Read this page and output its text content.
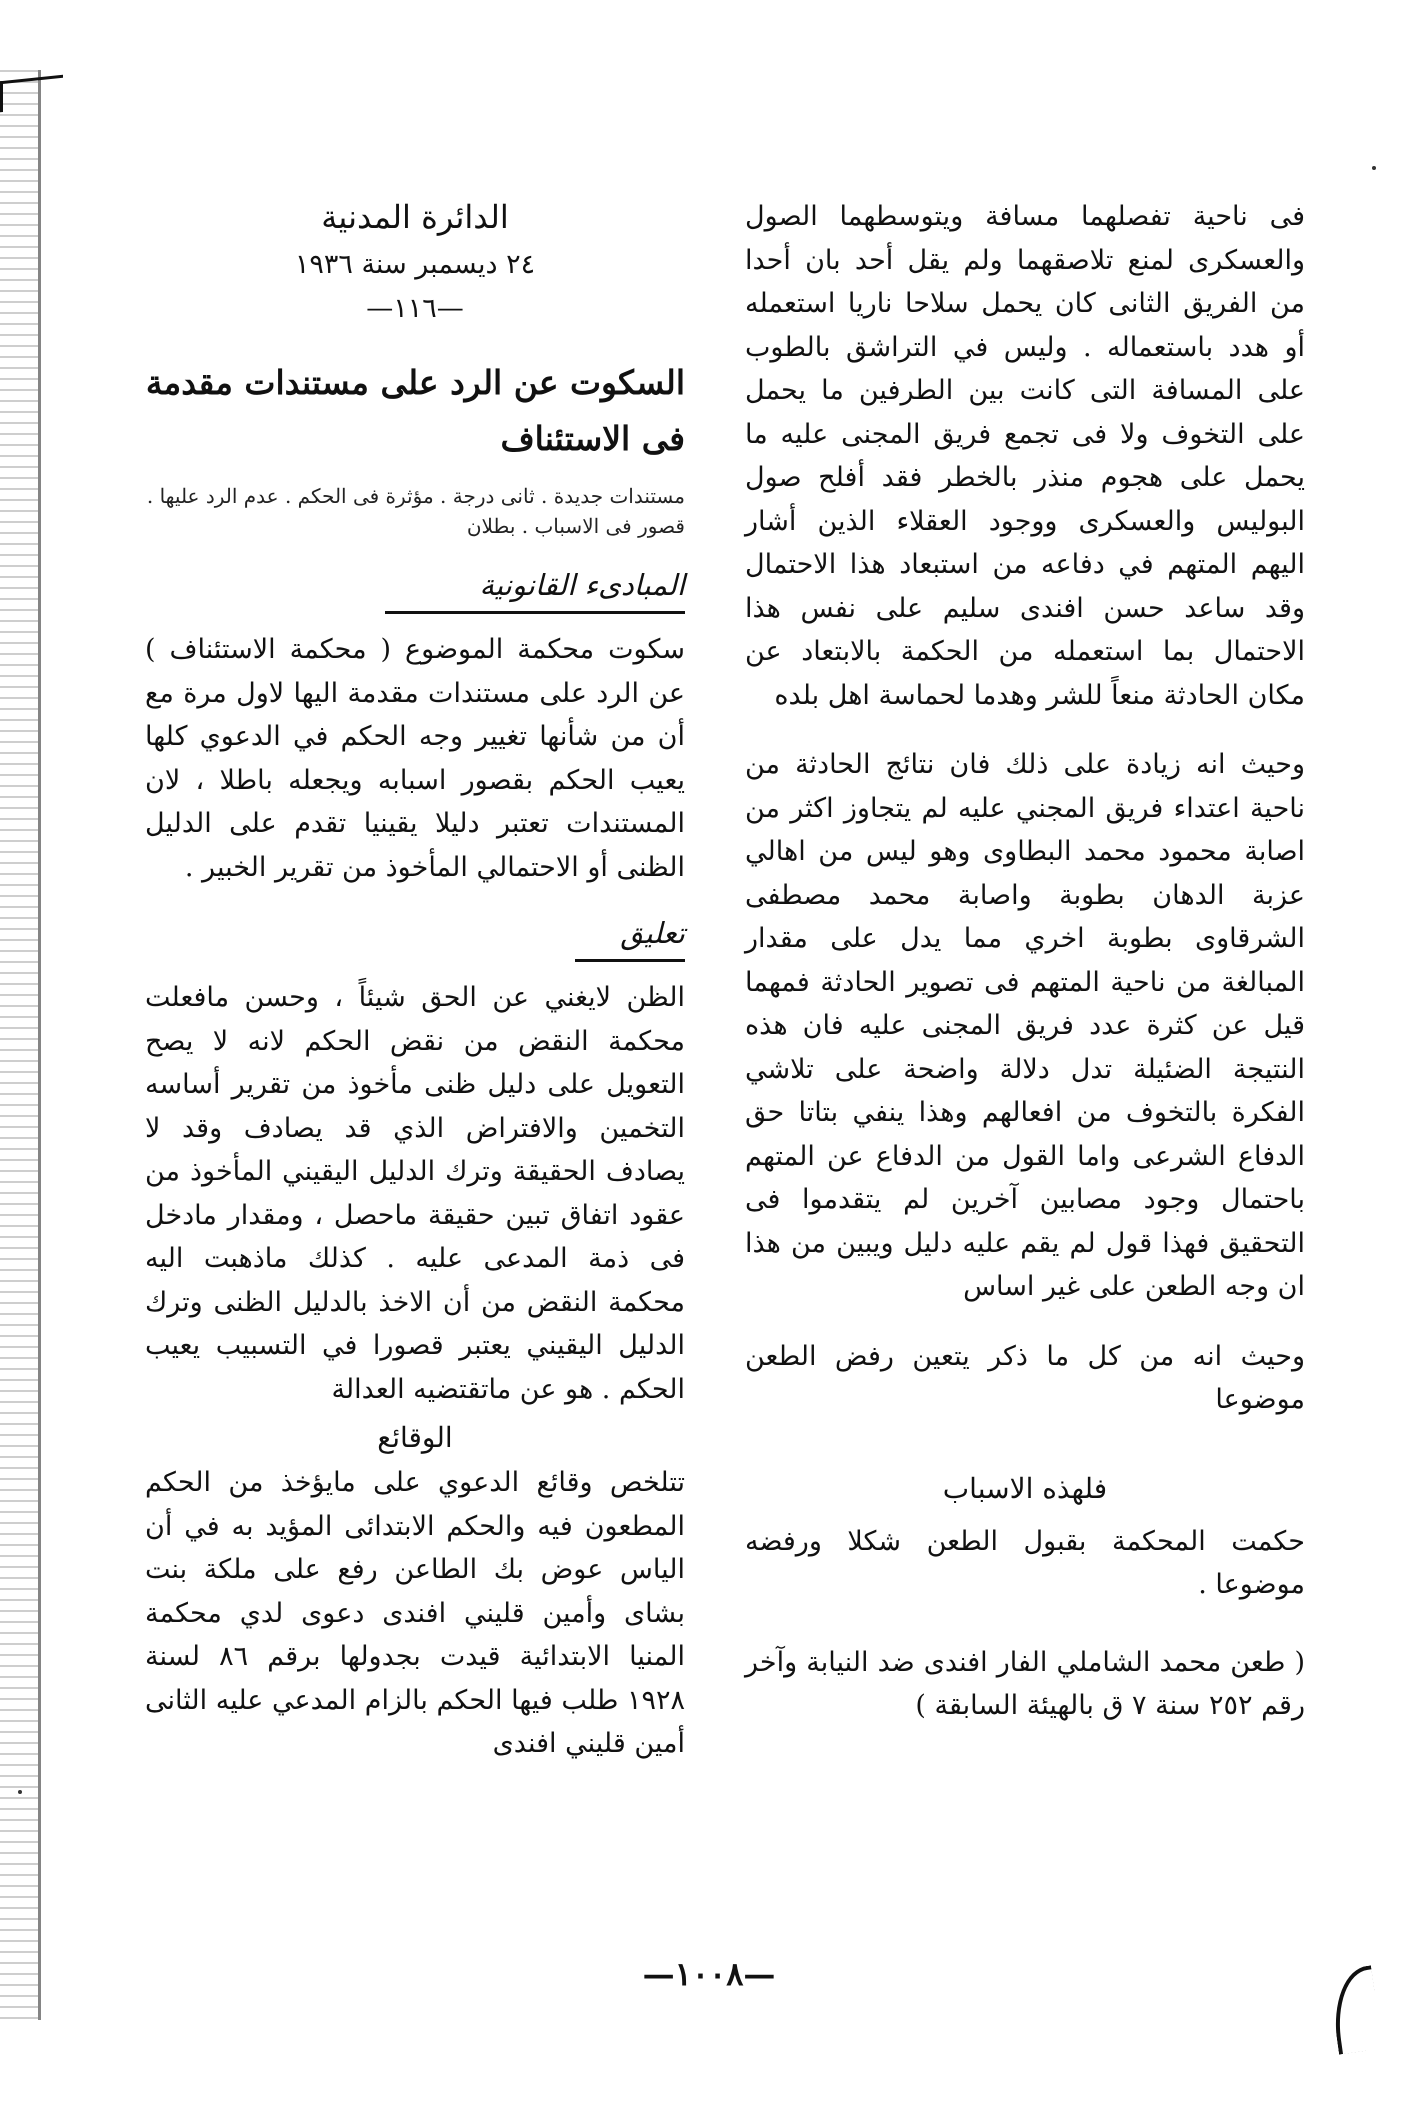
فى ناحية تفصلهما مسافة ويتوسطهما الصول والعسكرى لمنع تلاصقهما ولم يقل أحد بان أحدا من الفريق الثانى كان يحمل سلاحا ناريا استعمله أو هدد باستعماله . وليس في التراشق بالطوب على المسافة التى كانت بين الطرفين ما يحمل على التخوف ولا فى تجمع فريق المجنى عليه ما يحمل على هجوم منذر بالخطر فقد أفلح صول البوليس والعسكرى ووجود العقلاء الذين أشار اليهم المتهم في دفاعه من استبعاد هذا الاحتمال وقد ساعد حسن افندى سليم على نفس هذا الاحتمال بما استعمله من الحكمة بالابتعاد عن مكان الحادثة منعاً للشر وهدما لحماسة اهل بلده

وحيث انه زيادة على ذلك فان نتائج الحادثة من ناحية اعتداء فريق المجني عليه لم يتجاوز اكثر من اصابة محمود محمد البطاوى وهو ليس من اهالي عزبة الدهان بطوبة واصابة محمد مصطفى الشرقاوى بطوبة اخري مما يدل على مقدار المبالغة من ناحية المتهم فى تصوير الحادثة فمهما قيل عن كثرة عدد فريق المجنى عليه فان هذه النتيجة الضئيلة تدل دلالة واضحة على تلاشي الفكرة بالتخوف من افعالهم وهذا ينفي بتاتا حق الدفاع الشرعى واما القول من الدفاع عن المتهم باحتمال وجود مصابين آخرين لم يتقدموا فى التحقيق فهذا قول لم يقم عليه دليل ويبين من هذا ان وجه الطعن على غير اساس

وحيث انه من كل ما ذكر يتعين رفض الطعن موضوعا

فلهذه الاسباب

حكمت المحكمة بقبول الطعن شكلا ورفضه موضوعا .

( طعن محمد الشاملي الفار افندى ضد النيابة وآخر رقم ٢٥٢ سنة ٧ ق بالهيئة السابقة )

الدائرة المدنية

٢٤ ديسمبر سنة ١٩٣٦

—١١٦—

السكوت عن الرد على مستندات مقدمة فى الاستئناف

مستندات جديدة . ثانى درجة . مؤثرة فى الحكم . عدم الرد عليها . قصور فى الاسباب . بطلان

المبادىء القانونية

سكوت محكمة الموضوع ( محكمة الاستئناف ) عن الرد على مستندات مقدمة اليها لاول مرة مع أن من شأنها تغيير وجه الحكم في الدعوي كلها يعيب الحكم بقصور اسبابه ويجعله باطلا ، لان المستندات تعتبر دليلا يقينيا تقدم على الدليل الظنى أو الاحتمالي المأخوذ من تقرير الخبير .

تعليق

الظن لايغني عن الحق شيئاً ، وحسن مافعلت محكمة النقض من نقض الحكم لانه لا يصح التعويل على دليل ظنى مأخوذ من تقرير أساسه التخمين والافتراض الذي قد يصادف وقد لا يصادف الحقيقة وترك الدليل اليقيني المأخوذ من عقود اتفاق تبين حقيقة ماحصل ، ومقدار مادخل فى ذمة المدعى عليه . كذلك ماذهبت اليه محكمة النقض من أن الاخذ بالدليل الظنى وترك الدليل اليقيني يعتبر قصورا في التسبيب يعيب الحكم . هو عن ماتقتضيه العدالة

الوقائع

تتلخص وقائع الدعوي على مايؤخذ من الحكم المطعون فيه والحكم الابتدائى المؤيد به في أن الياس عوض بك الطاعن رفع على ملكة بنت بشاى وأمين قليني افندى دعوى لدي محكمة المنيا الابتدائية قيدت بجدولها برقم ٨٦ لسنة ١٩٢٨ طلب فيها الحكم بالزام المدعي عليه الثانى أمين قليني افندى

—١٠٠٨—
